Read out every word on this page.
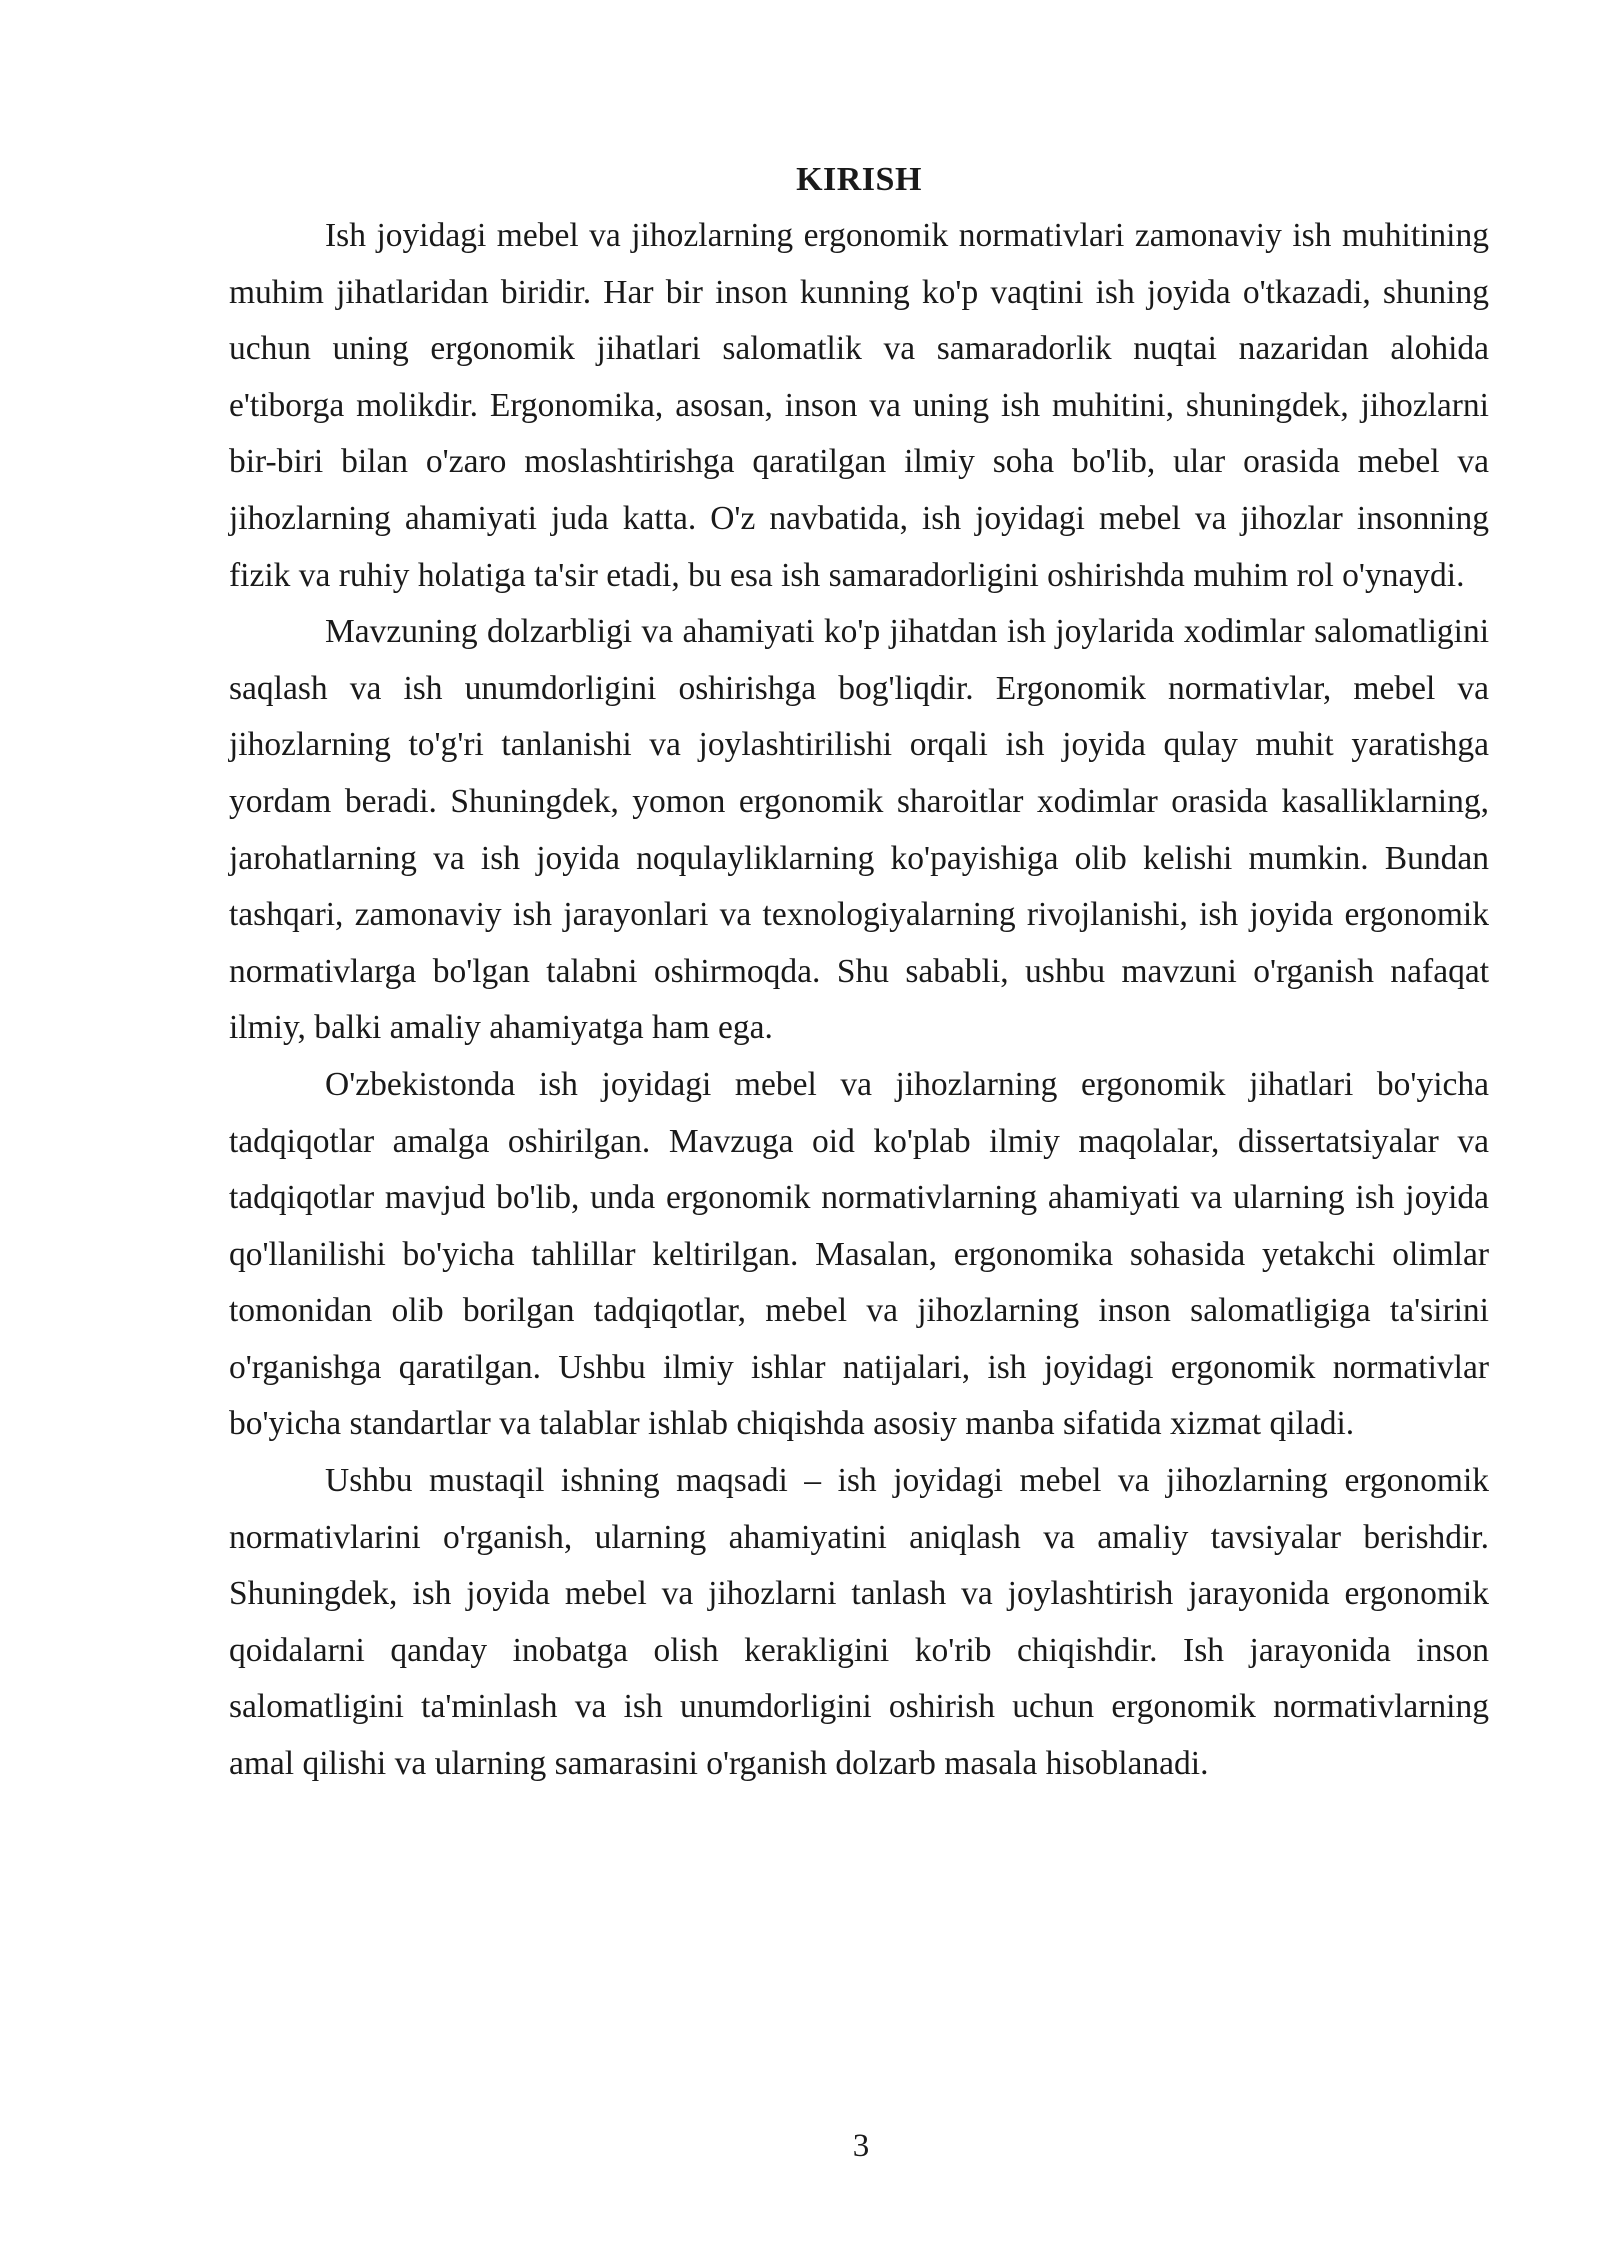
KIRISH

Ish joyidagi mebel va jihozlarning ergonomik normativlari zamonaviy ish muhitining muhim jihatlaridan biridir. Har bir inson kunning ko'p vaqtini ish joyida o'tkazadi, shuning uchun uning ergonomik jihatlari salomatlik va samaradorlik nuqtai nazaridan alohida e'tiborga molikdir. Ergonomika, asosan, inson va uning ish muhitini, shuningdek, jihozlarni bir-biri bilan o'zaro moslashtirishga qaratilgan ilmiy soha bo'lib, ular orasida mebel va jihozlarning ahamiyati juda katta. O'z navbatida, ish joyidagi mebel va jihozlar insonning fizik va ruhiy holatiga ta'sir etadi, bu esa ish samaradorligini oshirishda muhim rol o'ynaydi.

Mavzuning dolzarbligi va ahamiyati ko'p jihatdan ish joylarida xodimlar salomatligini saqlash va ish unumdorligini oshirishga bog'liqdir. Ergonomik normativlar, mebel va jihozlarning to'g'ri tanlanishi va joylashtirilishi orqali ish joyida qulay muhit yaratishga yordam beradi. Shuningdek, yomon ergonomik sharoitlar xodimlar orasida kasalliklarning, jarohatlarning va ish joyida noqulayliklarning ko'payishiga olib kelishi mumkin. Bundan tashqari, zamonaviy ish jarayonlari va texnologiyalarning rivojlanishi, ish joyida ergonomik normativlarga bo'lgan talabni oshirmoqda. Shu sababli, ushbu mavzuni o'rganish nafaqat ilmiy, balki amaliy ahamiyatga ham ega.

O'zbekistonda ish joyidagi mebel va jihozlarning ergonomik jihatlari bo'yicha tadqiqotlar amalga oshirilgan. Mavzuga oid ko'plab ilmiy maqolalar, dissertatsiyalar va tadqiqotlar mavjud bo'lib, unda ergonomik normativlarning ahamiyati va ularning ish joyida qo'llanilishi bo'yicha tahlillar keltirilgan. Masalan, ergonomika sohasida yetakchi olimlar tomonidan olib borilgan tadqiqotlar, mebel va jihozlarning inson salomatligiga ta'sirini o'rganishga qaratilgan. Ushbu ilmiy ishlar natijalari, ish joyidagi ergonomik normativlar bo'yicha standartlar va talablar ishlab chiqishda asosiy manba sifatida xizmat qiladi.

Ushbu mustaqil ishning maqsadi – ish joyidagi mebel va jihozlarning ergonomik normativlarini o'rganish, ularning ahamiyatini aniqlash va amaliy tavsiyalar berishdir. Shuningdek, ish joyida mebel va jihozlarni tanlash va joylashtirish jarayonida ergonomik qoidalarni qanday inobatga olish kerakligini ko'rib chiqishdir. Ish jarayonida inson salomatligini ta'minlash va ish unumdorligini oshirish uchun ergonomik normativlarning amal qilishi va ularning samarasini o'rganish dolzarb masala hisoblanadi.

3
